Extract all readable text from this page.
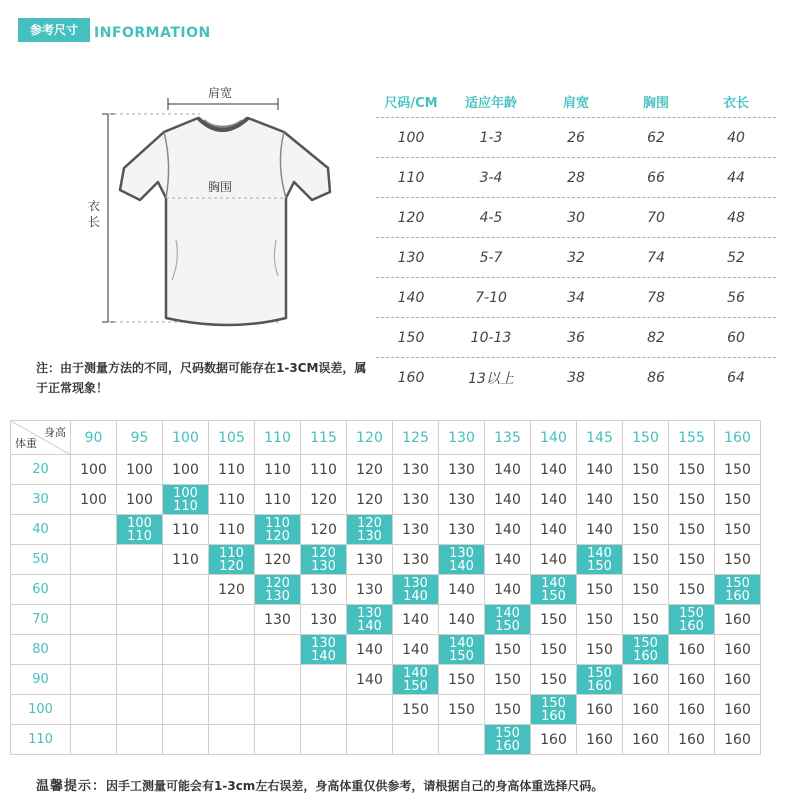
参考尺寸	INFORMATION
肩宽
胸围
衣长
注：由于测量方法的不同，尺码数据可能存在1-3CM误差，属于正常现象！
尺码/CM	适应年龄	肩宽	胸围	衣长
100	1-3	26	62	40
110	3-4	28	66	44
120	4-5	30	70	48
130	5-7	32	74	52
140	7-10	34	78	56
150	10-13	36	82	60
160	13以上	38	86	64
身高
体重	90	95	100	105	110	115	120	125	130	135	140	145	150	155	160
20	100	100	100	110	110	110	120	130	130	140	140	140	150	150	150
30	100	100	100 110	110	110	120	120	130	130	140	140	140	150	150	150
40		100 110	110	110	110 120	120	120 130	130	130	140	140	140	150	150	150
50			110	110 120	120	120 130	130	130	130 140	140	140	140 150	150	150	150
60				120	120 130	130	130	130 140	140	140	140 150	150	150	150	150 160
70					130	130	130 140	140	140	140 150	150	150	150	150 160	160
80						130 140	140	140	140 150	150	150	150	150 160	160	160
90							140	140 150	150	150	150	150 160	160	160	160
100								150	150	150	150 160	160	160	160	160
110										150 160	160	160	160	160	160
温馨提示：因手工测量可能会有1-3cm左右误差，身高体重仅供参考，请根据自己的身高体重选择尺码。
